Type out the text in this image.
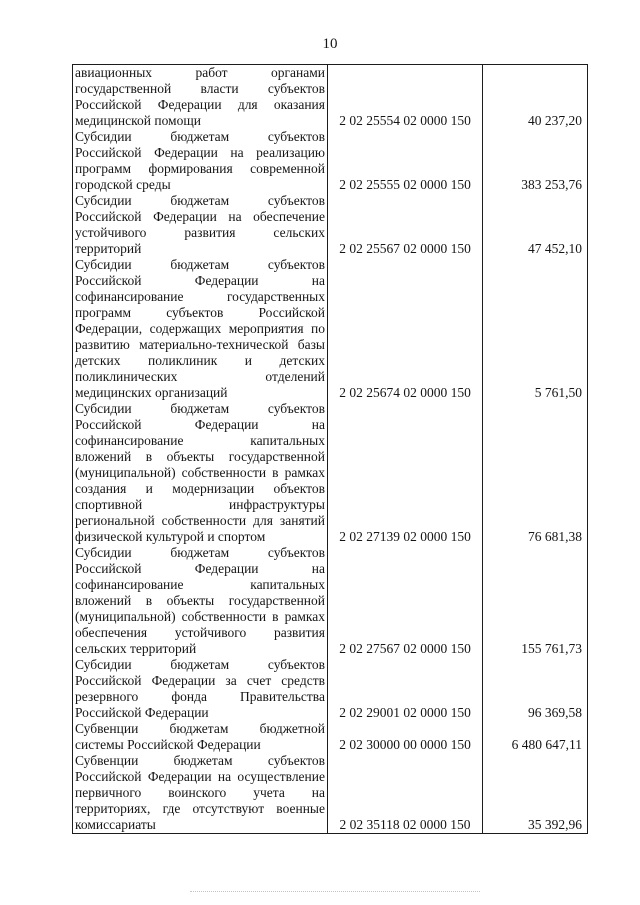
10
авиационных работ органами
государственной власти субъектов
Российской Федерации для оказания
медицинской помощи	2 02 25554 02 0000 150	40 237,20
Субсидии бюджетам субъектов
Российской Федерации на реализацию
программ формирования современной
городской среды	2 02 25555 02 0000 150	383 253,76
Субсидии бюджетам субъектов
Российской Федерации на обеспечение
устойчивого развития сельских
территорий	2 02 25567 02 0000 150	47 452,10
Субсидии бюджетам субъектов
Российской Федерации на
софинансирование государственных
программ субъектов Российской
Федерации, содержащих мероприятия по
развитию материально-технической базы
детских поликлиник и детских
поликлинических отделений
медицинских организаций	2 02 25674 02 0000 150	5 761,50
Субсидии бюджетам субъектов
Российской Федерации на
софинансирование капитальных
вложений в объекты государственной
(муниципальной) собственности в рамках
создания и модернизации объектов
спортивной инфраструктуры
региональной собственности для занятий
физической культурой и спортом	2 02 27139 02 0000 150	76 681,38
Субсидии бюджетам субъектов
Российской Федерации на
софинансирование капитальных
вложений в объекты государственной
(муниципальной) собственности в рамках
обеспечения устойчивого развития
сельских территорий	2 02 27567 02 0000 150	155 761,73
Субсидии бюджетам субъектов
Российской Федерации за счет средств
резервного фонда Правительства
Российской Федерации	2 02 29001 02 0000 150	96 369,58
Субвенции бюджетам бюджетной
системы Российской Федерации	2 02 30000 00 0000 150	6 480 647,11
Субвенции бюджетам субъектов
Российской Федерации на осуществление
первичного воинского учета на
территориях, где отсутствуют военные
комиссариаты	2 02 35118 02 0000 150	35 392,96
